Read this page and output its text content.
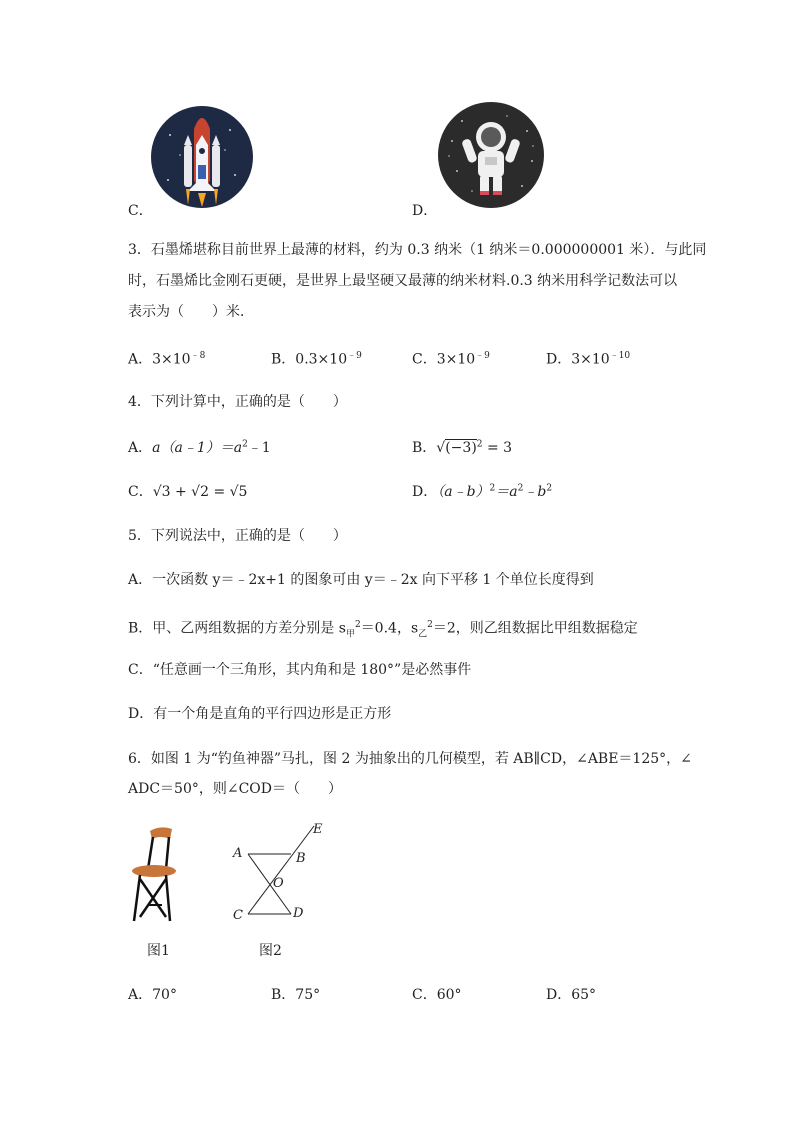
C．	D．
3．石墨烯堪称目前世界上最薄的材料，约为 0.3 纳米（1 纳米＝0.000000001 米）．与此同
时，石墨烯比金刚石更硬，是世界上最坚硬又最薄的纳米材料.0.3 纳米用科学记数法可以
表示为（　　）米．
A．$3\times 10^{﹣8}$	B．$0.3\times 10^{﹣9}$	C．$3\times 10^{﹣9}$	D．$3\times 10^{﹣10}$
4．下列计算中，正确的是（　　）
A．$a(a﹣1)=a^2﹣1$	B．$√(-3)^2 = 3$
C．√3 + √2 = √5	D．$(a﹣b)^2=a^2﹣b^2$
5．下列说法中，正确的是（　　）
A．一次函数 y＝﹣2x+1 的图象可由 y＝﹣2x 向下平移 1 个单位长度得到
B．甲、乙两组数据的方差分别是 $s_甲^2=0.4$，$s_乙^2=2$，则乙组数据比甲组数据稳定
C．“任意画一个三角形，其内角和是 180°”是必然事件
D．有一个角是直角的平行四边形是正方形
6．如图 1 为“钓鱼神器”马扎，图 2 为抽象出的几何模型，若 AB∥CD，∠ABE＝125°，∠
ADC＝50°，则∠COD＝（　　）
图1
E
A	B
O
C	D
图2
A．70°	B．75°	C．60°	D．65°
